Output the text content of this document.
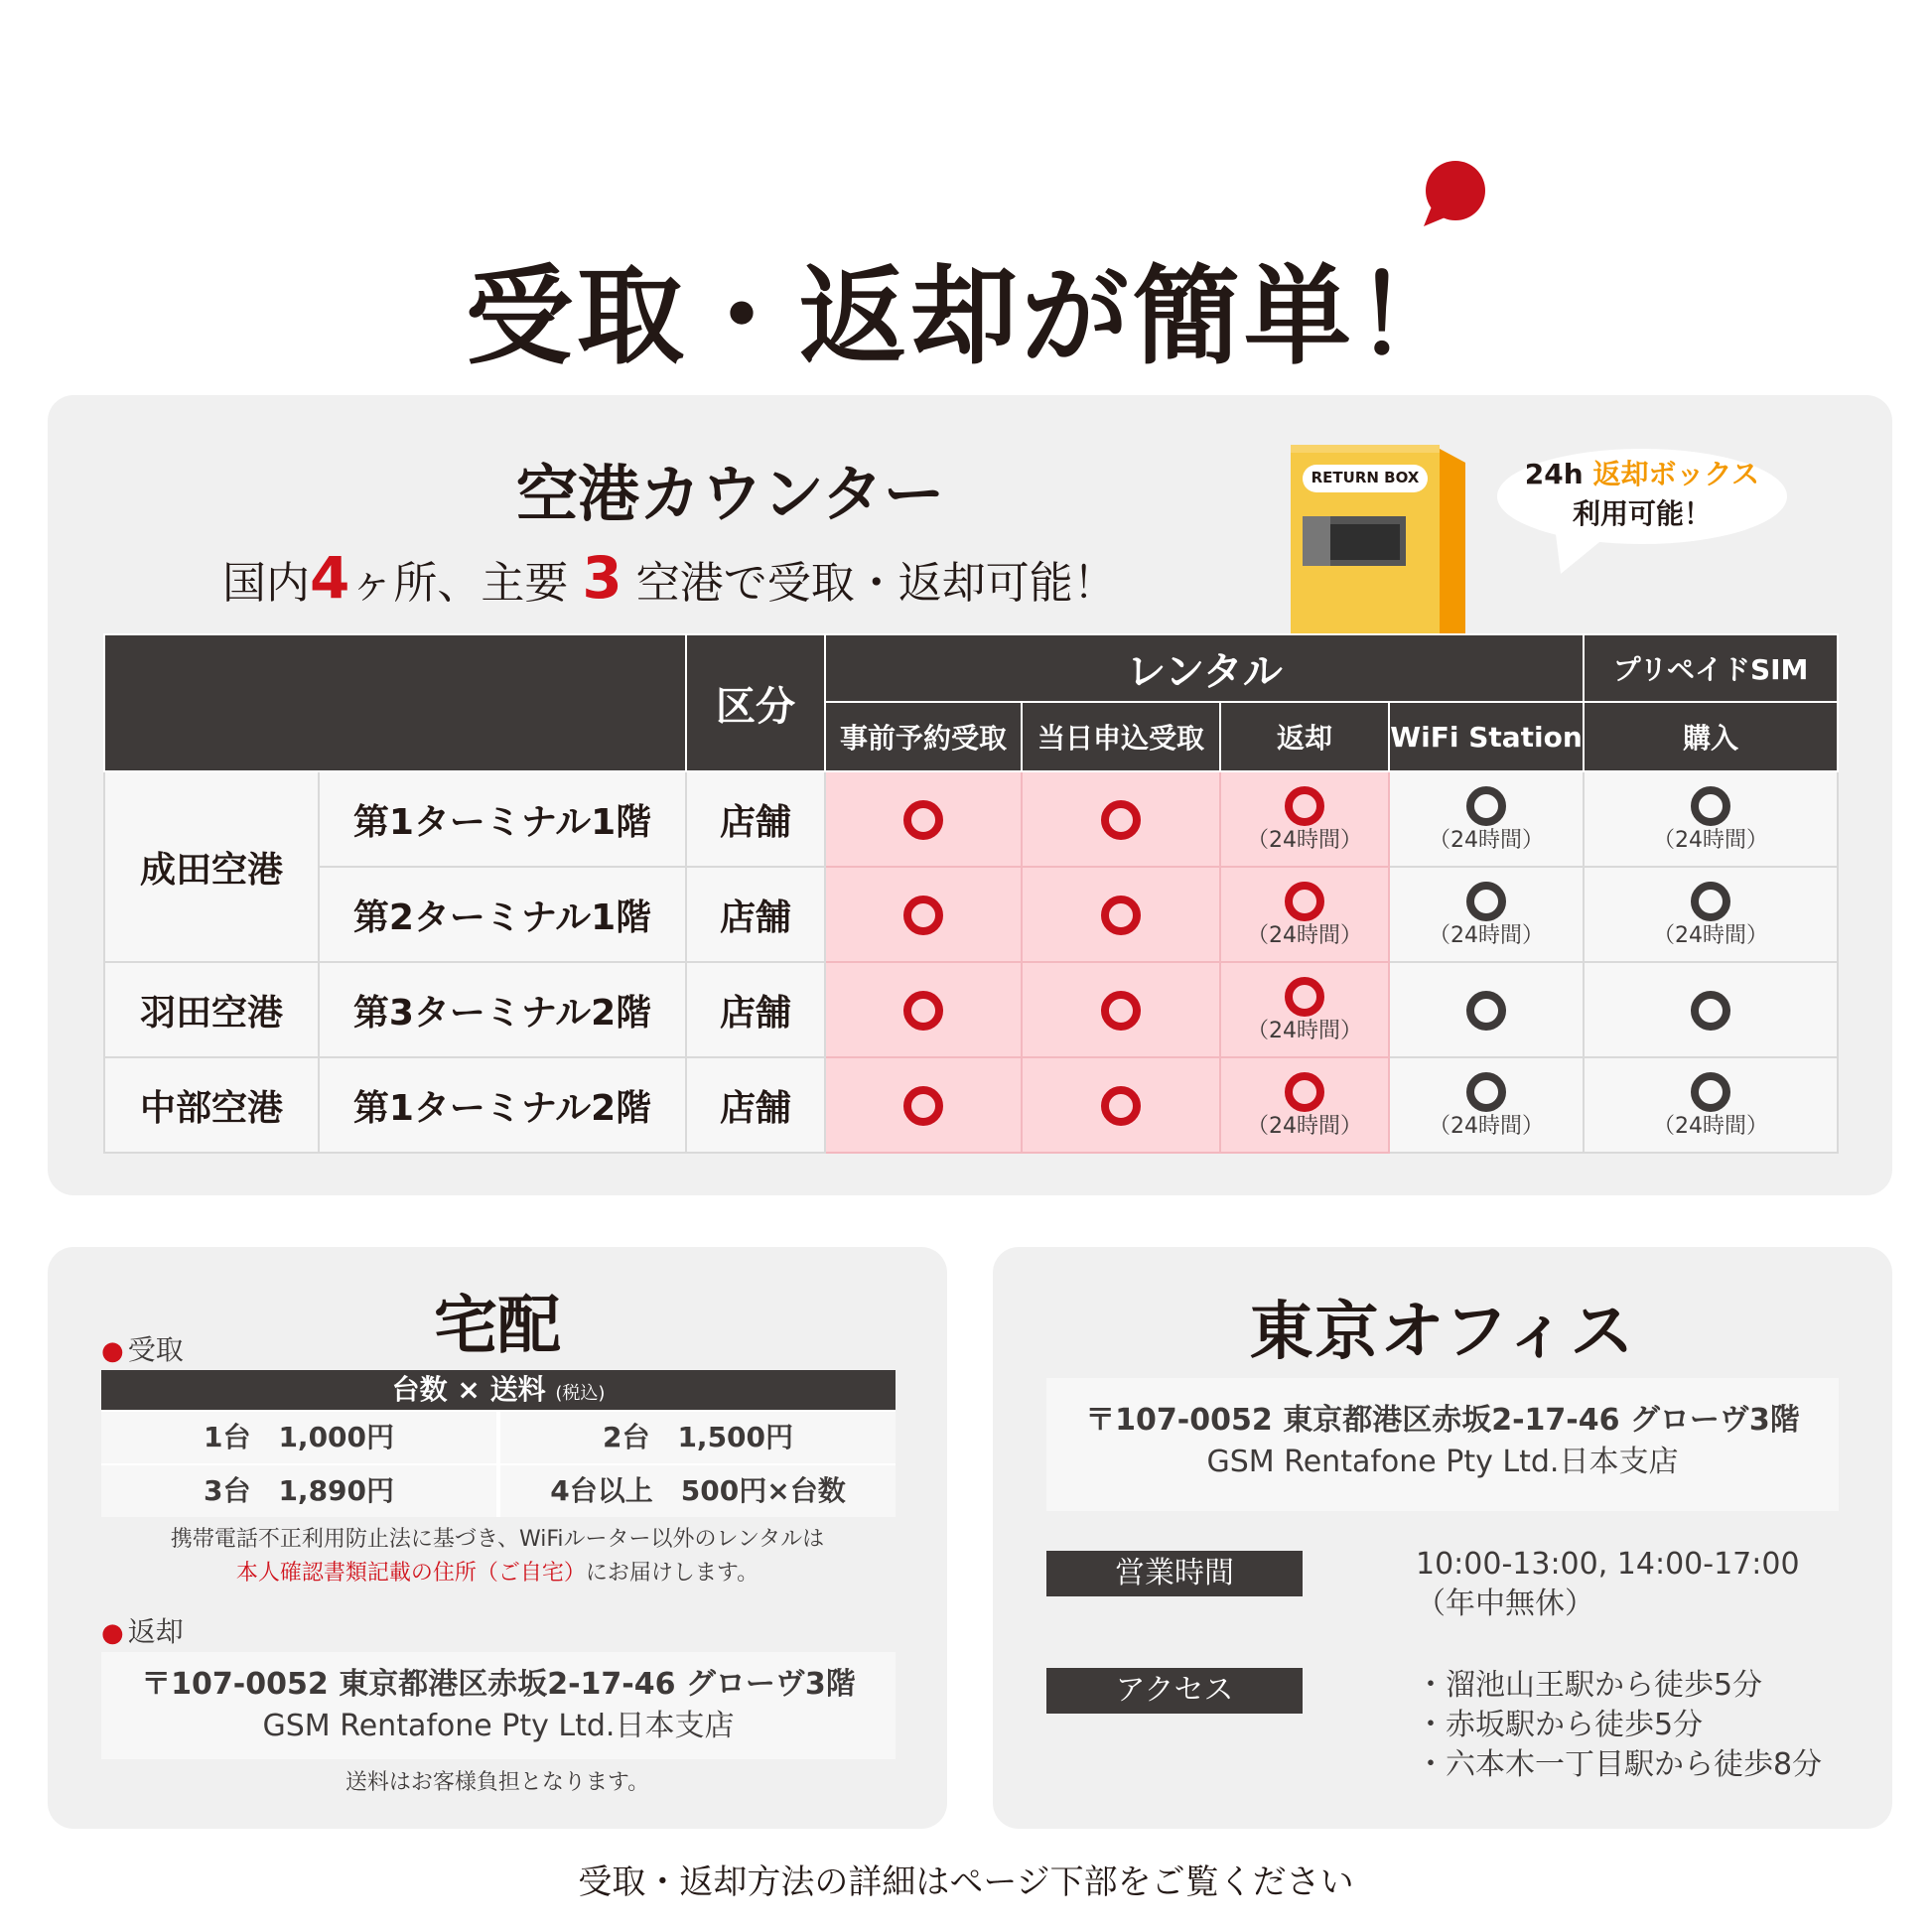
受取・返却が簡単！
空港カウンター
国内4ヶ所、主要 3 空港で受取・返却可能！
RETURN BOX	24h 返却ボックス
利用可能！
		区分	レンタル				プリペイドSIM
			事前予約受取	当日申込受取	返却	WiFi Station	購入
成田空港	第1ターミナル1階	店舗			（24時間）	（24時間）	（24時間）

	第2ターミナル1階	店舗			（24時間）	（24時間）	（24時間）

羽田空港	第3ターミナル2階	店舗			（24時間）		

中部空港	第1ターミナル2階	店舗			（24時間）	（24時間）	（24時間）
宅配
● 受取
台数 × 送料 (税込)
1台　1,000円	2台　1,500円
3台　1,890円	4台以上　500円×台数
携帯電話不正利用防止法に基づき、WiFiルーター以外のレンタルは
本人確認書類記載の住所（ご自宅）にお届けします。
● 返却
〒107-0052 東京都港区赤坂2-17-46 グローヴ3階
GSM Rentafone Pty Ltd.日本支店
送料はお客様負担となります。
東京オフィス
〒107-0052 東京都港区赤坂2-17-46 グローヴ3階
GSM Rentafone Pty Ltd.日本支店
営業時間	10:00-13:00, 14:00-17:00
（年中無休）
アクセス	・溜池山王駅から徒歩5分
・赤坂駅から徒歩5分
・六本木一丁目駅から徒歩8分
受取・返却方法の詳細はページ下部をご覧ください
